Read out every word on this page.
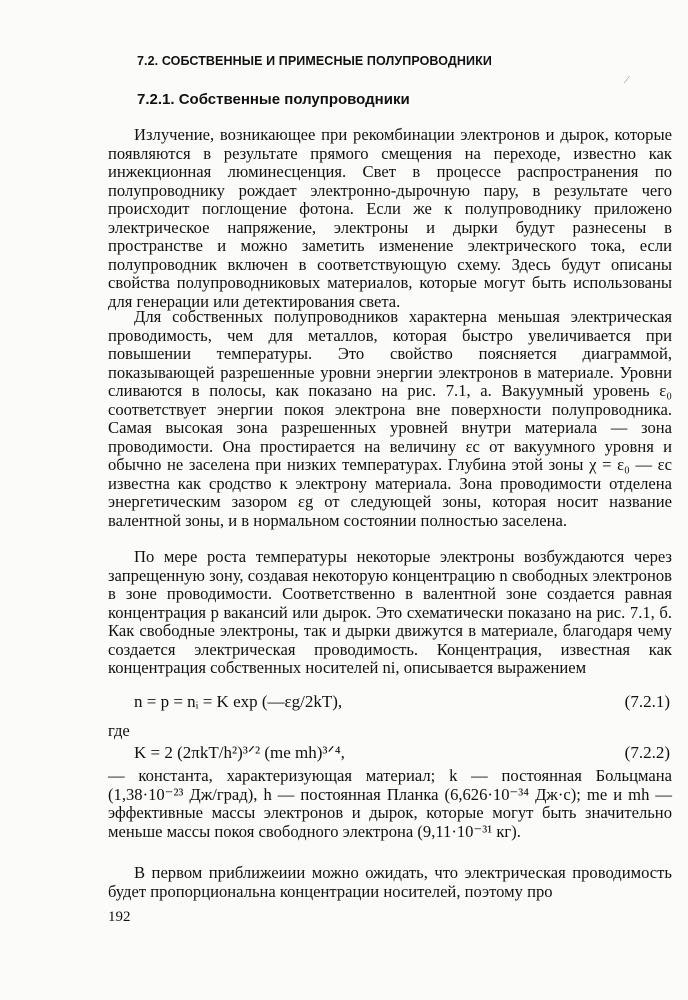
⁄
7.2. СОБСТВЕННЫЕ И ПРИМЕСНЫЕ ПОЛУПРОВОДНИКИ
7.2.1. Собственные полупроводники

Излучение, возникающее при рекомбинации электронов и дырок, которые появляются в результате прямого смещения на переходе, известно как инжекционная люминесценция. Свет в процессе распространения по полупроводнику рождает электронно-дырочную пару, в результате чего происходит поглощение фотона. Если же к полупроводнику приложено электрическое напряжение, электроны и дырки будут разнесены в пространстве и можно заметить изменение электрического тока, если полупроводник включен в соответствующую схему. Здесь будут описаны свойства полупроводниковых материалов, которые могут быть использованы для генерации или детектирования света.

Для собственных полупроводников характерна меньшая электрическая проводимость, чем для металлов, которая быстро увеличивается при повышении температуры. Это свойство поясняется диаграммой, показывающей разрешенные уровни энергии электронов в материале. Уровни сливаются в полосы, как показано на рис. 7.1, а. Вакуумный уровень ε₀ соответствует энергии покоя электрона вне поверхности полупроводника. Самая высокая зона разрешенных уровней внутри материала — зона проводимости. Она простирается на величину εc от вакуумного уровня и обычно не заселена при низких температурах. Глубина этой зоны χ = ε₀ — εc известна как сродство к электрону материала. Зона проводимости отделена энергетическим зазором εg от следующей зоны, которая носит название валентной зоны, и в нормальном состоянии полностью заселена.

По мере роста температуры некоторые электроны возбуждаются через запрещенную зону, создавая некоторую концентрацию n свободных электронов в зоне проводимости. Соответственно в валентной зоне создается равная концентрация p вакансий или дырок. Это схематически показано на рис. 7.1, б. Как свободные электроны, так и дырки движутся в материале, благодаря чему создается электрическая проводимость. Концентрация, известная как концентрация собственных носителей ni, описывается выражением

n = p = nᵢ = K exp (—εg/2kT),	(7.2.1)
где
K = 2 (2πkT/h²)³ᐟ² (me mh)³ᐟ⁴,	(7.2.2)

— константа, характеризующая материал; k — постоянная Больцмана (1,38·10⁻²³ Дж/град), h — постоянная Планка (6,626·10⁻³⁴ Дж·с); me и mh — эффективные массы электронов и дырок, которые могут быть значительно меньше массы покоя свободного электрона (9,11·10⁻³¹ кг).

В первом приближеиии можно ожидать, что электрическая проводимость будет пропорциональна концентрации носителей, поэтому про

192
